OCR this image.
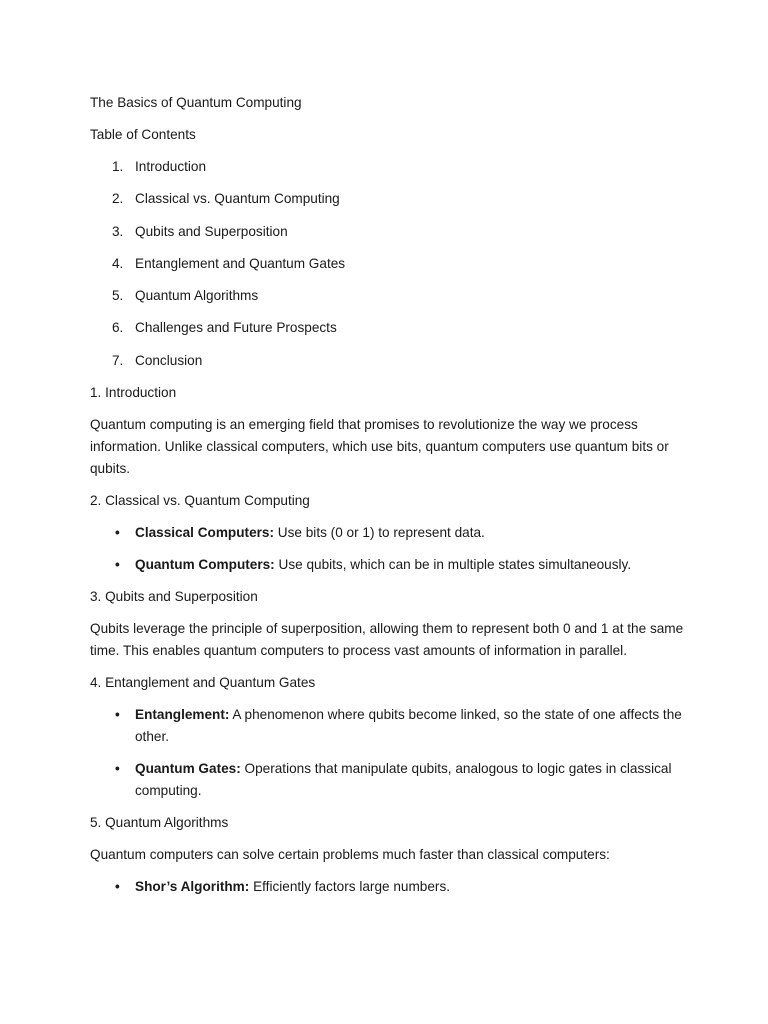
The Basics of Quantum Computing

Table of Contents

1. Introduction
2. Classical vs. Quantum Computing
3. Qubits and Superposition
4. Entanglement and Quantum Gates
5. Quantum Algorithms
6. Challenges and Future Prospects
7. Conclusion

1. Introduction

Quantum computing is an emerging field that promises to revolutionize the way we process information. Unlike classical computers, which use bits, quantum computers use quantum bits or qubits.

2. Classical vs. Quantum Computing

• Classical Computers: Use bits (0 or 1) to represent data.
• Quantum Computers: Use qubits, which can be in multiple states simultaneously.

3. Qubits and Superposition

Qubits leverage the principle of superposition, allowing them to represent both 0 and 1 at the same time. This enables quantum computers to process vast amounts of information in parallel.

4. Entanglement and Quantum Gates

• Entanglement: A phenomenon where qubits become linked, so the state of one affects the other.
• Quantum Gates: Operations that manipulate qubits, analogous to logic gates in classical computing.

5. Quantum Algorithms

Quantum computers can solve certain problems much faster than classical computers:

• Shor’s Algorithm: Efficiently factors large numbers.
